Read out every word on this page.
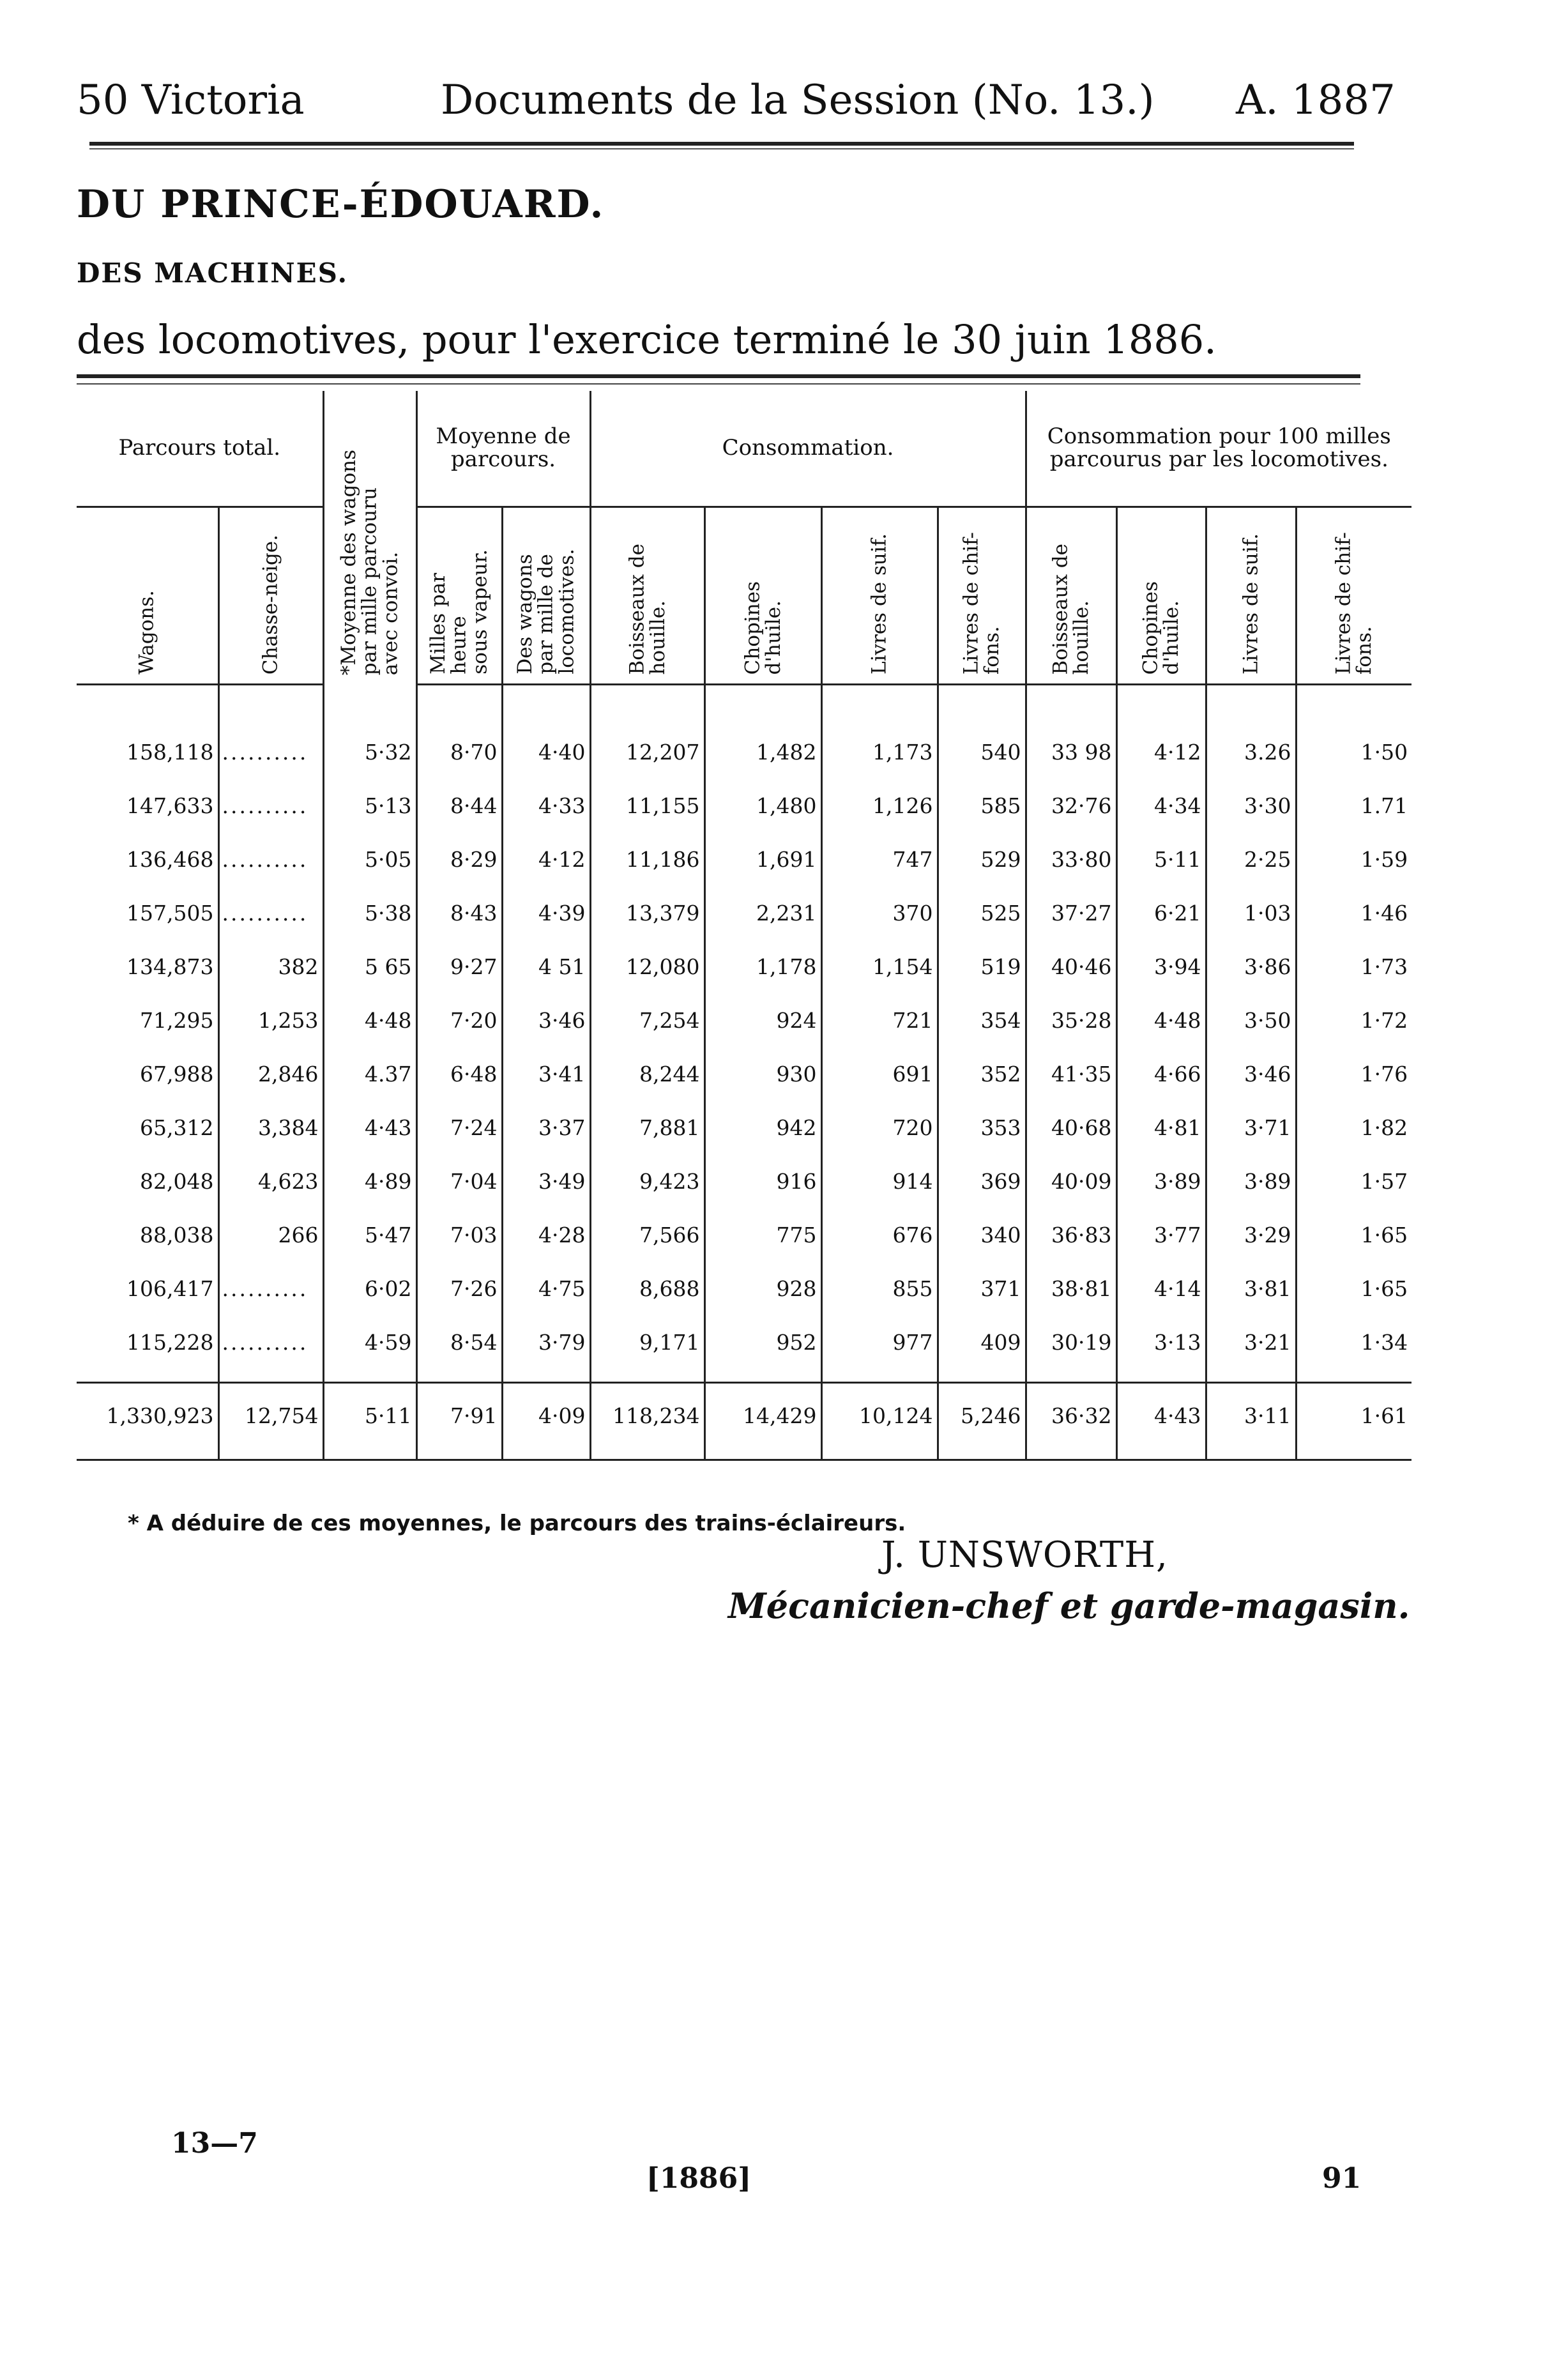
50 Victoria	Documents de la Session (No. 13.) A. 1887
DU PRINCE-ÉDOUARD.
DES MACHINES.
des locomotives, pour l'exercice terminé le 30 juin 1886.
Parcours total.		*Moyenne des wagons
par mille parcouru
avec convoi.	Moyenne de parcours.		Consommation.				Consommation pour 100 milles parcourus par les locomotives.			

Wagons.	Chasse-neige.		Milles par
heure
sous vapeur.	Des wagons
par mille de
locomotives.	Boisseaux de
houille.	Chopines
d'huile.	Livres de suif.	Livres de chif-
fons.	Boisseaux de
houille.	Chopines
d'huile.	Livres de suif.	Livres de chif-
fons.

158,118	..........	5·32	8·70	4·40	12,207	1,482	1,173	540	33 98	4·12	3.26	1·50
147,633	..........	5·13	8·44	4·33	11,155	1,480	1,126	585	32·76	4·34	3·30	1.71
136,468	..........	5·05	8·29	4·12	11,186	1,691	747	529	33·80	5·11	2·25	1·59
157,505	..........	5·38	8·43	4·39	13,379	2,231	370	525	37·27	6·21	1·03	1·46
134,873	382	5 65	9·27	4 51	12,080	1,178	1,154	519	40·46	3·94	3·86	1·73
71,295	1,253	4·48	7·20	3·46	7,254	924	721	354	35·28	4·48	3·50	1·72
67,988	2,846	4.37	6·48	3·41	8,244	930	691	352	41·35	4·66	3·46	1·76
65,312	3,384	4·43	7·24	3·37	7,881	942	720	353	40·68	4·81	3·71	1·82
82,048	4,623	4·89	7·04	3·49	9,423	916	914	369	40·09	3·89	3·89	1·57
88,038	266	5·47	7·03	4·28	7,566	775	676	340	36·83	3·77	3·29	1·65
106,417	..........	6·02	7·26	4·75	8,688	928	855	371	38·81	4·14	3·81	1·65
115,228	..........	4·59	8·54	3·79	9,171	952	977	409	30·19	3·13	3·21	1·34

1,330,923	12,754	5·11	7·91	4·09	118,234	14,429	10,124	5,246	36·32	4·43	3·11	1·61

* A déduire de ces moyennes, le parcours des trains-éclaireurs.
J. UNSWORTH,
Mécanicien-chef et garde-magasin.
13—7
[1886]	91
